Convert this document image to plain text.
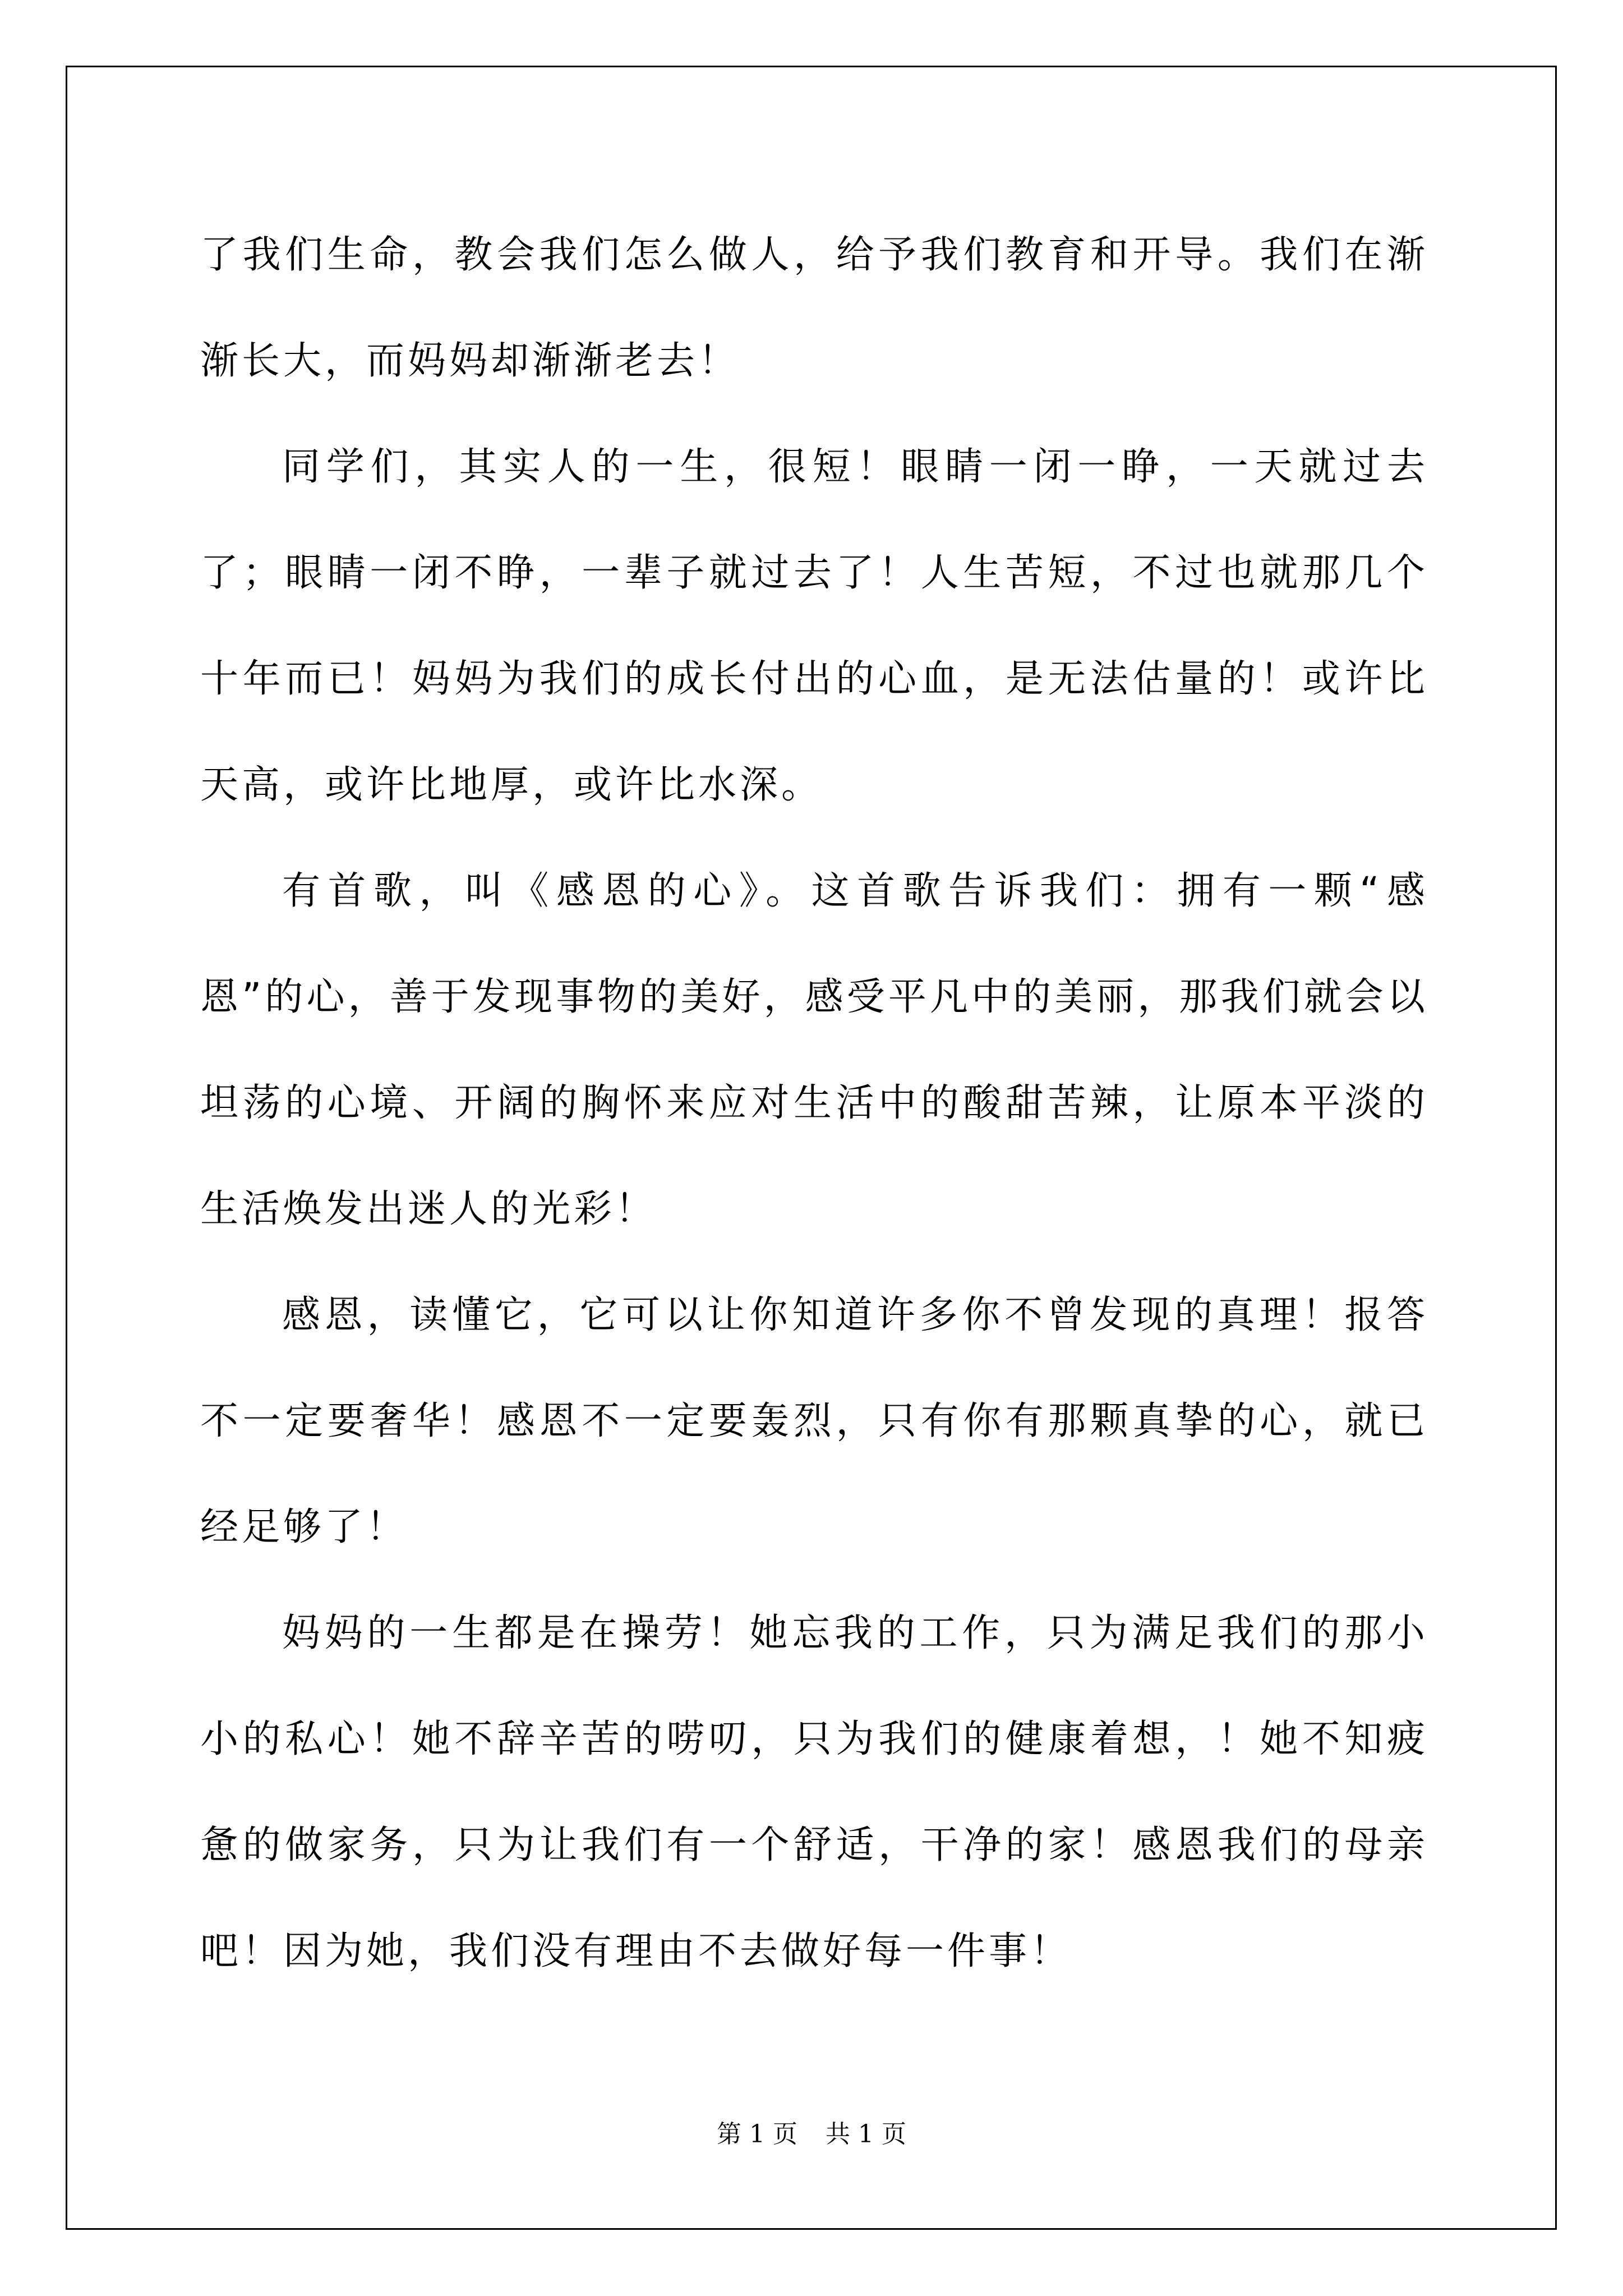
了我们生命，教会我们怎么做人，给予我们教育和开导。我们在渐渐长大，而妈妈却渐渐老去！

同学们，其实人的一生，很短！眼睛一闭一睁，一天就过去了；眼睛一闭不睁，一辈子就过去了！人生苦短，不过也就那几个十年而已！妈妈为我们的成长付出的心血，是无法估量的！或许比天高，或许比地厚，或许比水深。

有首歌，叫《感恩的心》。这首歌告诉我们：拥有一颗“感恩”的心，善于发现事物的美好，感受平凡中的美丽，那我们就会以坦荡的心境、开阔的胸怀来应对生活中的酸甜苦辣，让原本平淡的生活焕发出迷人的光彩！

感恩，读懂它，它可以让你知道许多你不曾发现的真理！报答不一定要奢华！感恩不一定要轰烈，只有你有那颗真挚的心，就已经足够了！

妈妈的一生都是在操劳！她忘我的工作，只为满足我们的那小小的私心！她不辞辛苦的唠叨，只为我们的健康着想，！她不知疲惫的做家务，只为让我们有一个舒适，干净的家！感恩我们的母亲吧！因为她，我们没有理由不去做好每一件事！

第 1 页 共 1 页
